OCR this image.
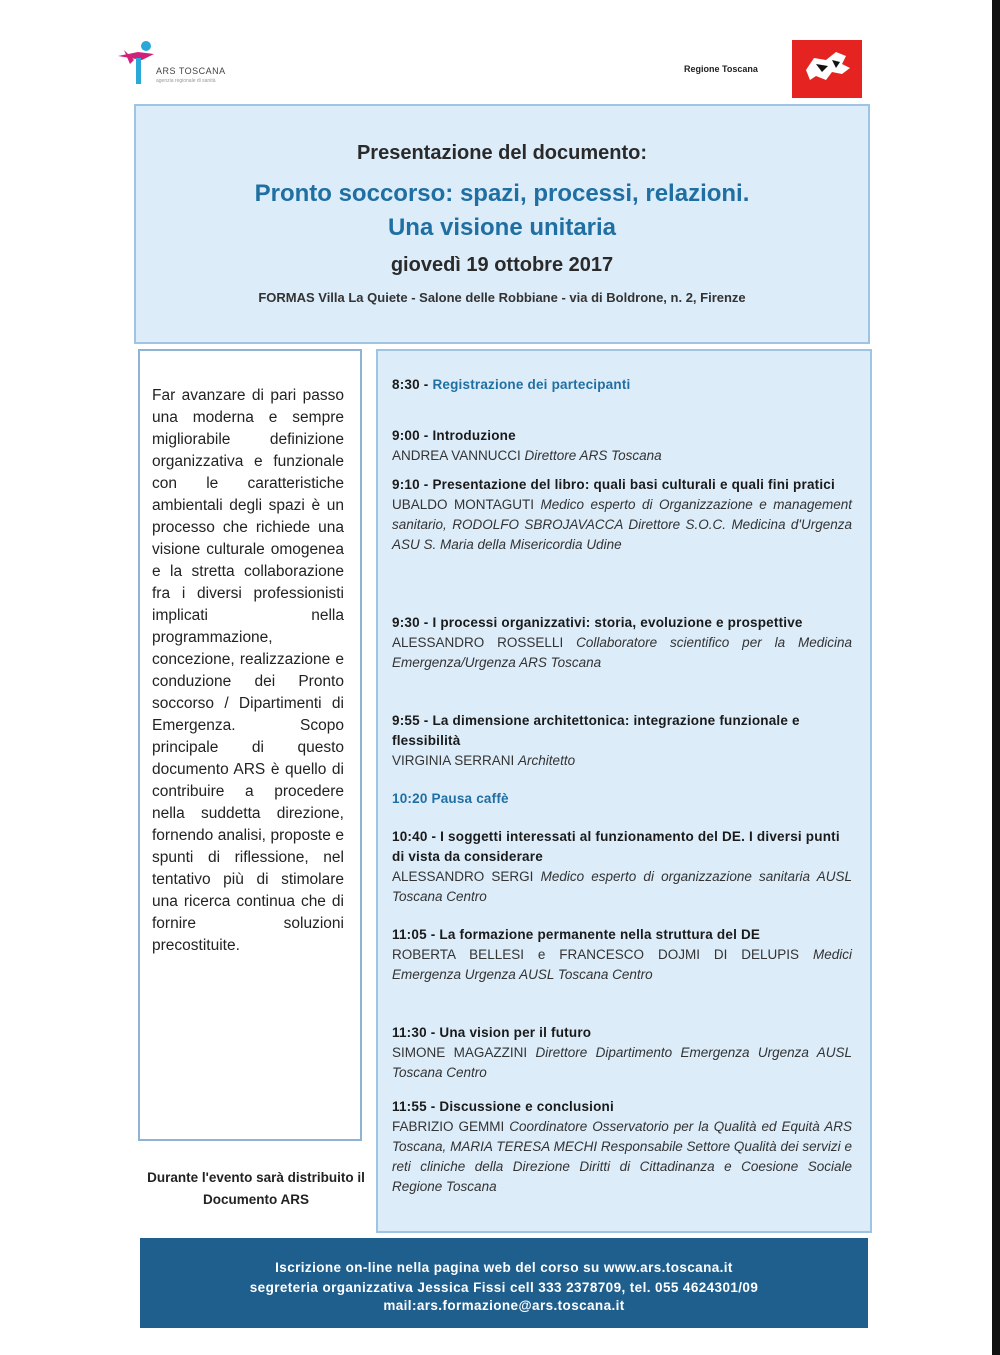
ARS TOSCANA
agenzia regionale di sanità
Regione Toscana
Presentazione del documento:
Pronto soccorso: spazi, processi, relazioni.
Una visione unitaria
giovedì 19 ottobre 2017
FORMAS Villa La Quiete - Salone delle Robbiane - via di Boldrone, n. 2, Firenze
Far avanzare di pari passo una moderna e sempre migliorabile definizione organizzativa e funzionale con le caratteristiche ambientali degli spazi è un processo che richiede una visione culturale omogenea e la stretta collaborazione fra i diversi professionisti implicati nella programmazione, concezione, realizzazione e conduzione dei Pronto soccorso / Dipartimenti di Emergenza. Scopo principale di questo documento ARS è quello di contribuire a procedere nella suddetta direzione, fornendo analisi, proposte e spunti di riflessione, nel tentativo più di stimolare una ricerca continua che di fornire soluzioni precostituite.
Durante l'evento sarà distribuito il Documento ARS
8:30 - Registrazione dei partecipanti
9:00 - Introduzione
ANDREA VANNUCCI Direttore ARS Toscana
9:10 - Presentazione del libro: quali basi culturali e quali fini pratici
UBALDO MONTAGUTI Medico esperto di Organizzazione e management sanitario, RODOLFO SBROJAVACCA Direttore S.O.C. Medicina d'Urgenza ASU S. Maria della Misericordia Udine
9:30 - I processi organizzativi: storia, evoluzione e prospettive
ALESSANDRO ROSSELLI Collaboratore scientifico per la Medicina Emergenza/Urgenza ARS Toscana
9:55 - La dimensione architettonica: integrazione funzionale e flessibilità
VIRGINIA SERRANI Architetto
10:20 Pausa caffè
10:40 - I soggetti interessati al funzionamento del DE. I diversi punti di vista da considerare
ALESSANDRO SERGI Medico esperto di organizzazione sanitaria AUSL Toscana Centro
11:05 - La formazione permanente nella struttura del DE
ROBERTA BELLESI e FRANCESCO DOJMI DI DELUPIS Medici Emergenza Urgenza AUSL Toscana Centro
11:30 - Una vision per il futuro
SIMONE MAGAZZINI Direttore Dipartimento Emergenza Urgenza AUSL Toscana Centro
11:55 - Discussione e conclusioni
FABRIZIO GEMMI Coordinatore Osservatorio per la Qualità ed Equità ARS Toscana, MARIA TERESA MECHI Responsabile Settore Qualità dei servizi e reti cliniche della Direzione Diritti di Cittadinanza e Coesione Sociale Regione Toscana
Iscrizione on-line nella pagina web del corso su www.ars.toscana.it
segreteria organizzativa Jessica Fissi cell 333 2378709, tel. 055 4624301/09
mail:ars.formazione@ars.toscana.it
